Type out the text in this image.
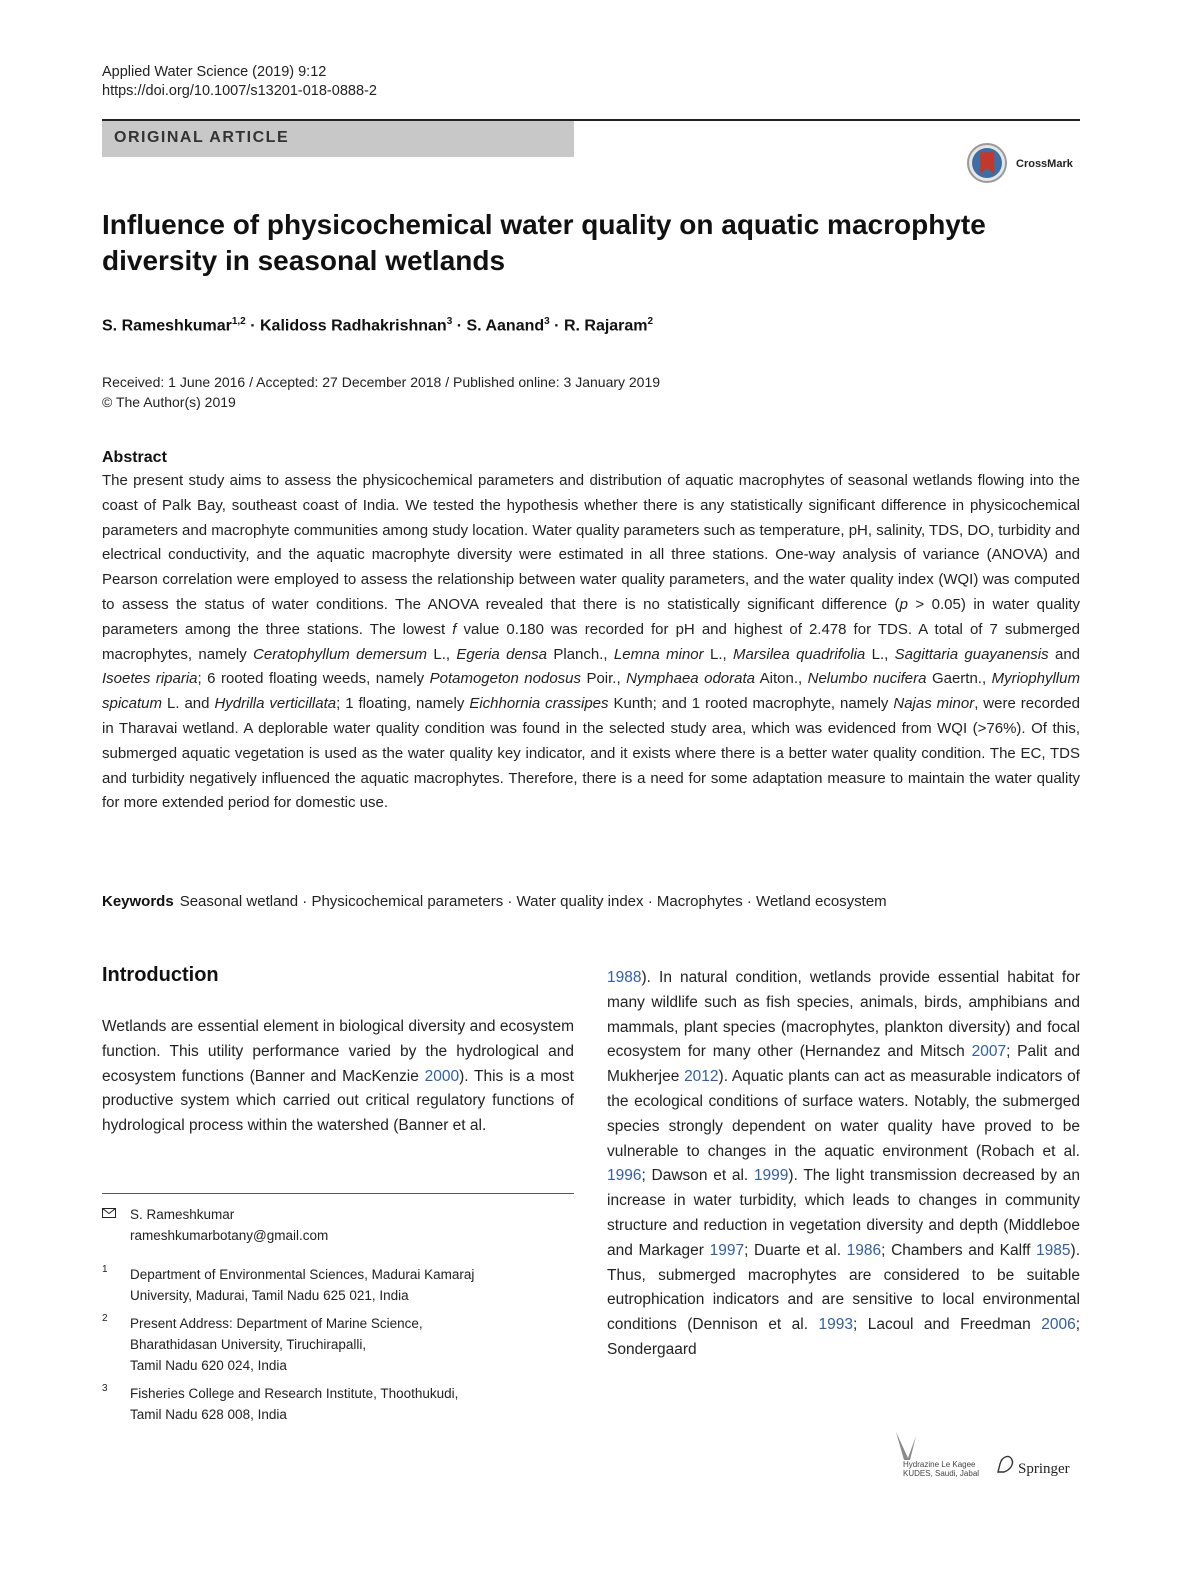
Applied Water Science (2019) 9:12
https://doi.org/10.1007/s13201-018-0888-2
ORIGINAL ARTICLE
CrossMark
Influence of physicochemical water quality on aquatic macrophyte diversity in seasonal wetlands
S. Rameshkumar$^{1,2}$ · Kalidoss Radhakrishnan$^3$ · S. Aanand$^3$ · R. Rajaram$^2$
Received: 1 June 2016 / Accepted: 27 December 2018 / Published online: 3 January 2019
© The Author(s) 2019
Abstract
The present study aims to assess the physicochemical parameters and distribution of aquatic macrophytes of seasonal wetlands flowing into the coast of Palk Bay, southeast coast of India. We tested the hypothesis whether there is any statistically significant difference in physicochemical parameters and macrophyte communities among study location. Water quality parameters such as temperature, pH, salinity, TDS, DO, turbidity and electrical conductivity, and the aquatic macrophyte diversity were estimated in all three stations. One-way analysis of variance (ANOVA) and Pearson correlation were employed to assess the relationship between water quality parameters, and the water quality index (WQI) was computed to assess the status of water conditions. The ANOVA revealed that there is no statistically significant difference (p > 0.05) in water quality parameters among the three stations. The lowest f value 0.180 was recorded for pH and highest of 2.478 for TDS. A total of 7 submerged macrophytes, namely Ceratophyllum demersum L., Egeria densa Planch., Lemna minor L., Marsilea quadrifolia L., Sagittaria guayanensis and Isoetes riparia; 6 rooted floating weeds, namely Potamogeton nodosus Poir., Nymphaea odorata Aiton., Nelumbo nucifera Gaertn., Myriophyllum spicatum L. and Hydrilla verticillata; 1 floating, namely Eichhornia crassipes Kunth; and 1 rooted macrophyte, namely Najas minor, were recorded in Tharavai wetland. A deplorable water quality condition was found in the selected study area, which was evidenced from WQI (>76%). Of this, submerged aquatic vegetation is used as the water quality key indicator, and it exists where there is a better water quality condition. The EC, TDS and turbidity negatively influenced the aquatic macrophytes. Therefore, there is a need for some adaptation measure to maintain the water quality for more extended period for domestic use.
Keywords Seasonal wetland · Physicochemical parameters · Water quality index · Macrophytes · Wetland ecosystem
Introduction
Wetlands are essential element in biological diversity and ecosystem function. This utility performance varied by the hydrological and ecosystem functions (Banner and MacKenzie 2000). This is a most productive system which carried out critical regulatory functions of hydrological process within the watershed (Banner et al.
1988). In natural condition, wetlands provide essential habitat for many wildlife such as fish species, animals, birds, amphibians and mammals, plant species (macrophytes, plankton diversity) and focal ecosystem for many other (Hernandez and Mitsch 2007; Palit and Mukherjee 2012). Aquatic plants can act as measurable indicators of the ecological conditions of surface waters. Notably, the submerged species strongly dependent on water quality have proved to be vulnerable to changes in the aquatic environment (Robach et al. 1996; Dawson et al. 1999). The light transmission decreased by an increase in water turbidity, which leads to changes in community structure and reduction in vegetation diversity and depth (Middleboe and Markager 1997; Duarte et al. 1986; Chambers and Kalff 1985). Thus, submerged macrophytes are considered to be suitable eutrophication indicators and are sensitive to local environmental conditions (Dennison et al. 1993; Lacoul and Freedman 2006; Sondergaard
S. Rameshkumar
rameshkumarbotany@gmail.com
1 Department of Environmental Sciences, Madurai Kamaraj
University, Madurai, Tamil Nadu 625 021, India
2 Present Address: Department of Marine Science,
Bharathidasan University, Tiruchirapalli,
Tamil Nadu 620 024, India
3 Fisheries College and Research Institute, Thoothukudi,
Tamil Nadu 628 008, India
Hydrazine Le Kagee KUDES, Saudi, Jabal	Springer
